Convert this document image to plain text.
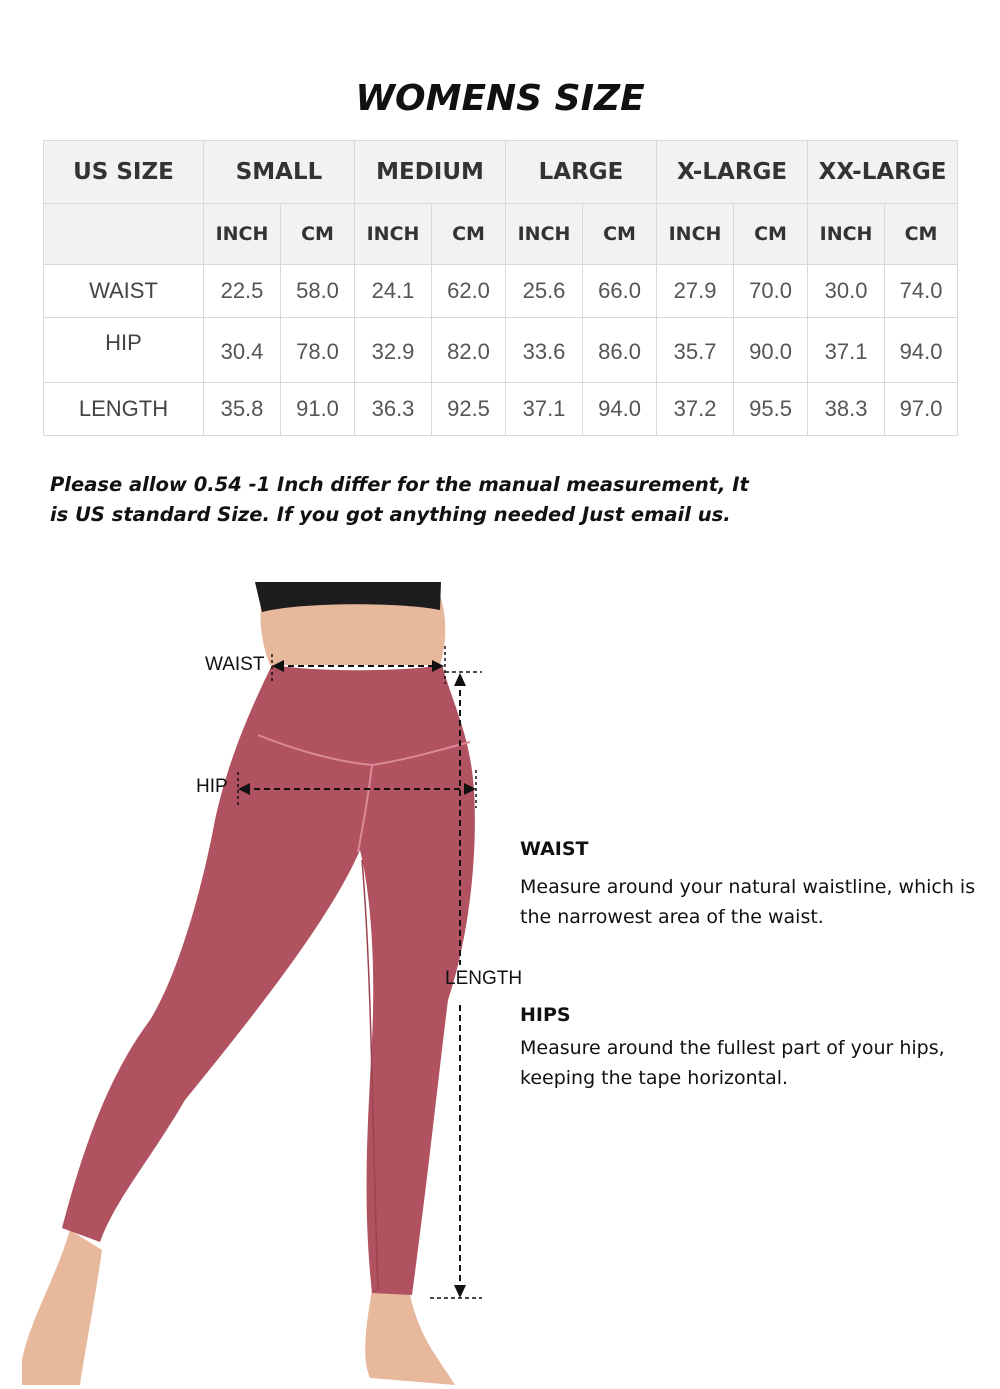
WOMENS SIZE
US SIZE	SMALL		MEDIUM		LARGE		X-LARGE		XX-LARGE	
	INCH	CM	INCH	CM	INCH	CM	INCH	CM	INCH	CM
WAIST	22.5	58.0	24.1	62.0	25.6	66.0	27.9	70.0	30.0	74.0
HIP	30.4	78.0	32.9	82.0	33.6	86.0	35.7	90.0	37.1	94.0
LENGTH	35.8	91.0	36.3	92.5	37.1	94.0	37.2	95.5	38.3	97.0
Please allow 0.54 -1 Inch differ for the manual measurement, It is US standard Size. If you got anything needed Just email us.
WAIST
HIP
LENGTH
WAIST
Measure around your natural waistline, which is the narrowest area of the waist.
HIPS
Measure around the fullest part of your hips, keeping the tape horizontal.
